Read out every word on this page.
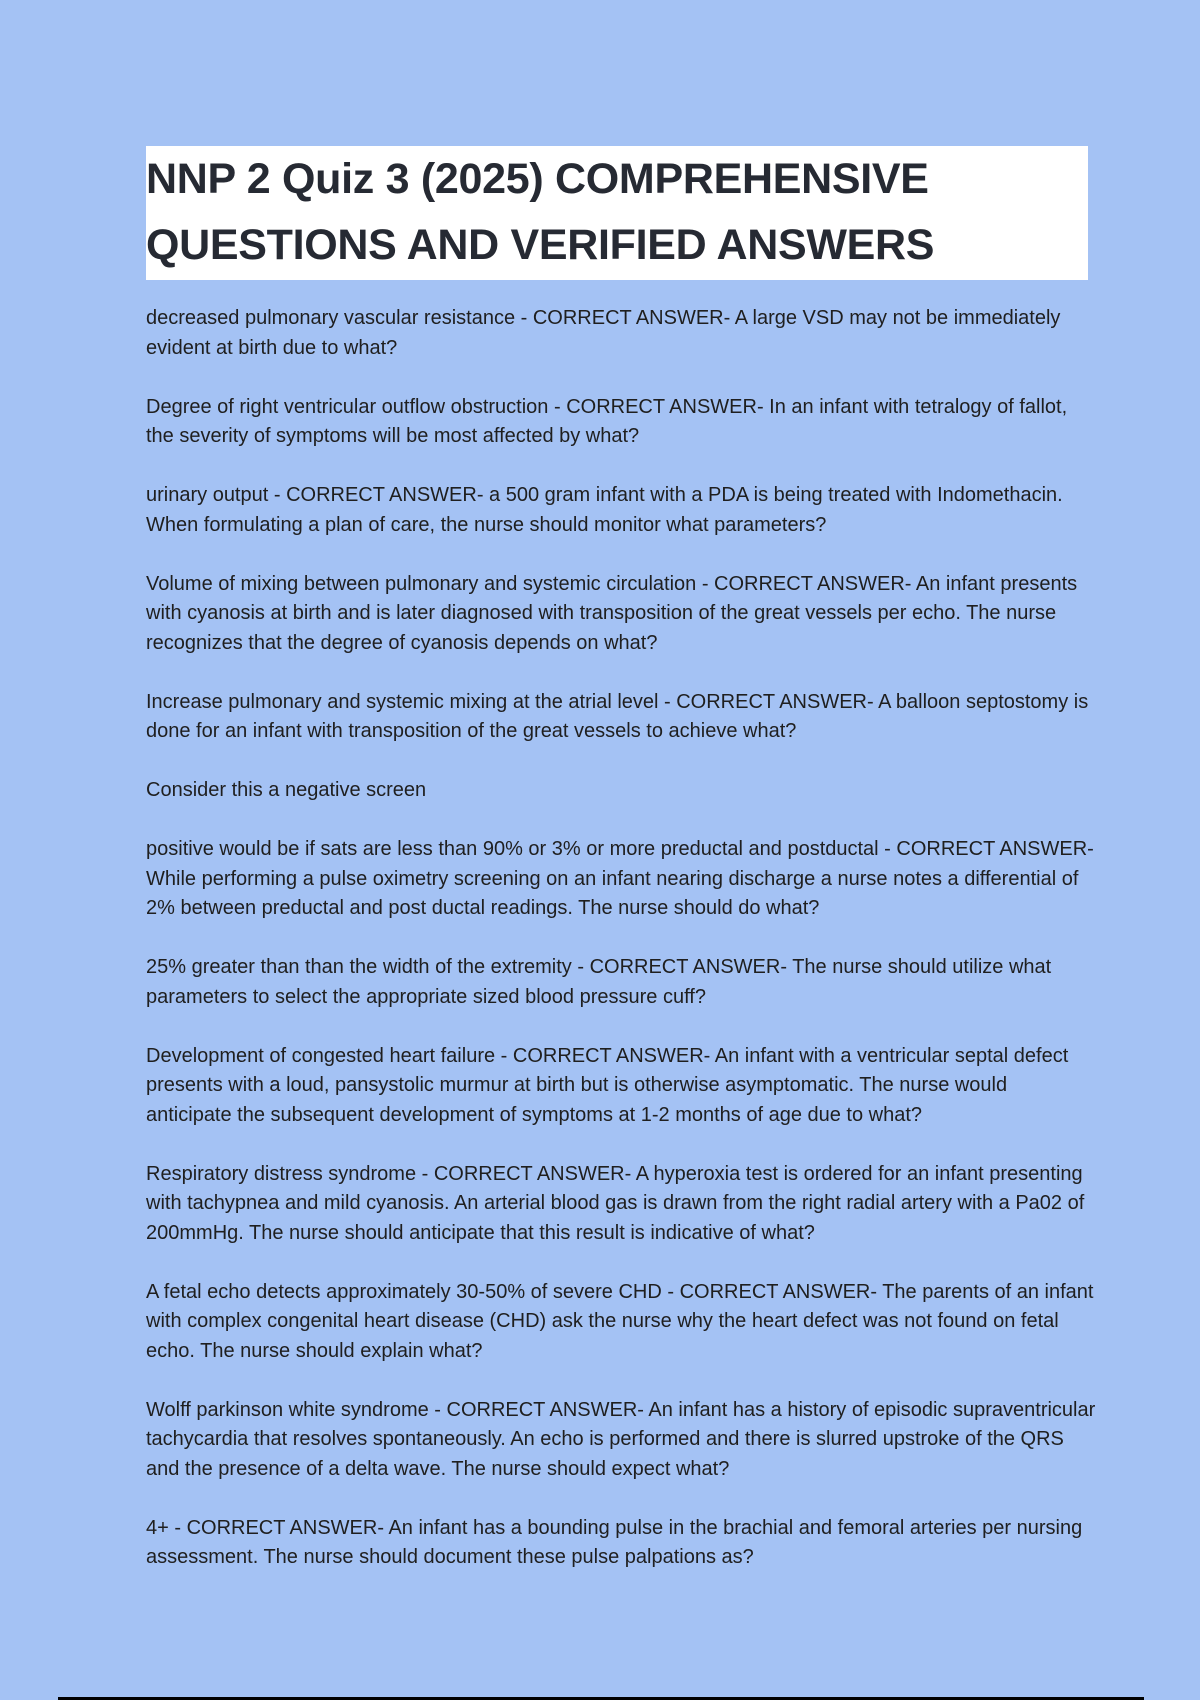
NNP 2 Quiz 3 (2025) COMPREHENSIVE
QUESTIONS AND VERIFIED ANSWERS

decreased pulmonary vascular resistance - CORRECT ANSWER- A large VSD may not be immediately evident at birth due to what?

Degree of right ventricular outflow obstruction - CORRECT ANSWER- In an infant with tetralogy of fallot, the severity of symptoms will be most affected by what?

urinary output - CORRECT ANSWER- a 500 gram infant with a PDA is being treated with Indomethacin. When formulating a plan of care, the nurse should monitor what parameters?

Volume of mixing between pulmonary and systemic circulation - CORRECT ANSWER- An infant presents with cyanosis at birth and is later diagnosed with transposition of the great vessels per echo. The nurse recognizes that the degree of cyanosis depends on what?

Increase pulmonary and systemic mixing at the atrial level - CORRECT ANSWER- A balloon septostomy is done for an infant with transposition of the great vessels to achieve what?

Consider this a negative screen

positive would be if sats are less than 90% or 3% or more preductal and postductal - CORRECT ANSWER- While performing a pulse oximetry screening on an infant nearing discharge a nurse notes a differential of 2% between preductal and post ductal readings. The nurse should do what?

25% greater than than the width of the extremity - CORRECT ANSWER- The nurse should utilize what parameters to select the appropriate sized blood pressure cuff?

Development of congested heart failure - CORRECT ANSWER- An infant with a ventricular septal defect presents with a loud, pansystolic murmur at birth but is otherwise asymptomatic. The nurse would anticipate the subsequent development of symptoms at 1-2 months of age due to what?

Respiratory distress syndrome - CORRECT ANSWER- A hyperoxia test is ordered for an infant presenting with tachypnea and mild cyanosis. An arterial blood gas is drawn from the right radial artery with a Pa02 of 200mmHg. The nurse should anticipate that this result is indicative of what?

A fetal echo detects approximately 30-50% of severe CHD - CORRECT ANSWER- The parents of an infant with complex congenital heart disease (CHD) ask the nurse why the heart defect was not found on fetal echo. The nurse should explain what?

Wolff parkinson white syndrome - CORRECT ANSWER- An infant has a history of episodic supraventricular tachycardia that resolves spontaneously. An echo is performed and there is slurred upstroke of the QRS and the presence of a delta wave. The nurse should expect what?

4+ - CORRECT ANSWER- An infant has a bounding pulse in the brachial and femoral arteries per nursing assessment. The nurse should document these pulse palpations as?
